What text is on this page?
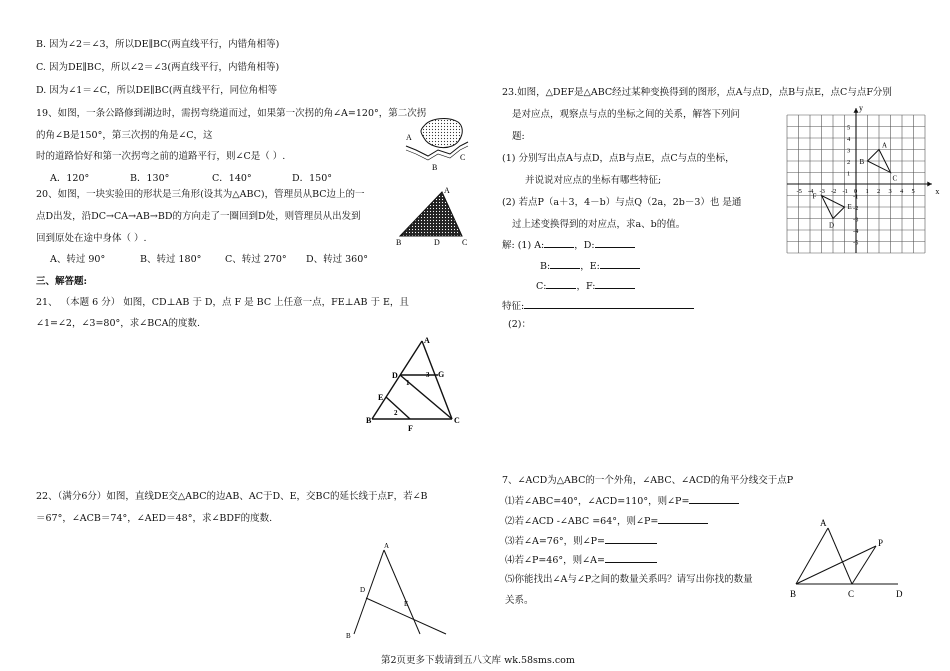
B. 因为∠2＝∠3，所以DE∥BC(两直线平行，内错角相等)
C. 因为DE∥BC，所以∠2＝∠3(两直线平行，内错角相等)
D. 因为∠1＝∠C，所以DE∥BC(两直线平行，同位角相等
19、如图，一条公路修到湖边时，需拐弯绕道而过，如果第一次拐的角∠A=120°，第二次拐
的角∠B是150°，第三次拐的角是∠C，这
时的道路恰好和第一次拐弯之前的道路平行，则∠C是（ ）.
A．120°	B．130°	C．140°	D．150°
A
B
C
20、如图，一块实验田的形状是三角形(设其为△ABC)，管理员从BC边上的一
点D出发，沿DC→CA→AB→BD的方向走了一圈回到D处，则管理员从出发到
回到原处在途中身体（ ）.
A、转过 90°	B、转过 180° C、转过 270° D、转过 360°
A
B	D	C
三、解答题:
21、 （本题 6 分） 如图，CD⊥AB 于 D，点 F 是 BC 上任意一点，FE⊥AB 于 E，且
∠1=∠2，∠3=80°，求∠BCA的度数.
A
D	G
3
1
E
2
B
F
C
22、（满分6分）如图，直线DE交△ABC的边AB、AC于D、E，交BC的延长线于点F，若∠B
＝67°，∠ACB＝74°，∠AED＝48°，求∠BDF的度数.
A
D
E
B
23.如图，△DEF是△ABC经过某种变换得到的图形，点A与点D，点B与点E，点C与点F分别
是对应点，观察点与点的坐标之间的关系，解答下列问
题:
(1) 分别写出点A与点D，点B与点E，点C与点的坐标，
并说说对应点的坐标有哪些特征;
(2) 若点P（a＋3，4－b）与点Q（2a，2b－3）也 是通
过上述变换得到的对应点，求a、b的值。
解: (1) A:	，D:
B:	，E:
C:	，F:
特征:
(2)：
x
y
-5 -4 -3 -2 -1 0 1 2 3 4 5
5
4
3
2
1
-1
-2
-3
-4
-5
A
B
C
D
E
F
7、∠ACD为△ABC的一个外角，∠ABC、∠ACD的角平分线交于点P
⑴若∠ABC=40°，∠ACD=110°，则∠P=
⑵若∠ACD -∠ABC =64°，则∠P=
⑶若∠A=76°，则∠P=
⑷若∠P=46°，则∠A=
⑸你能找出∠A与∠P之间的数量关系吗？请写出你找的数量
关系。
A
P
B	C	D
第2页更多下载请到五八文库 wk.58sms.com
